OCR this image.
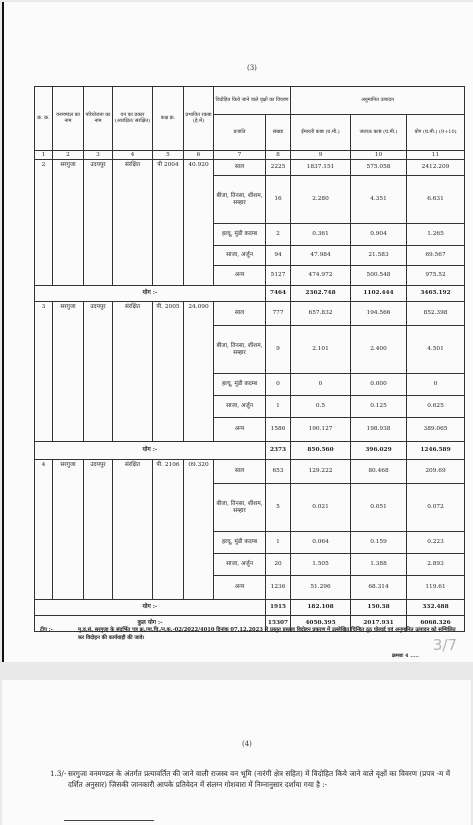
(3)
क्र. क्र.	वनमण्डल का नाम	परियोजना का नाम	वन का प्रकार (आरक्षित/ संरक्षित)	कक्ष क्र.	प्रभावित रकबा (हे.में)	विदोहित किये जाने वाले वृक्षों का विवरण		अनुमानित उत्पादन		
						प्रजाति	संख्या	ईमारती काष्ठ (घ.मी.)	जलाऊ काष्ठ (घ.मी.)	योग (घ.मी.) (9+10)
1	2	3	4	5	6	7	8	9	10	11
2	सरगुजा	उदयपुर	संरक्षित	पी 2004	40.920	साल	2225	1837.151	575.058	2412.209
						बीजा, तिनसा, शीशम, सम्हार	16	2.280	4.351	6.631
						हल्दू, मुंडी कदम्ब	2	0.361	0.904	1.265
						साजा, अर्जुन	94	47.984	21.583	69.567
						अन्य	5127	474.972	500.548	975.52
योग :-							7464	2362.748	1102.444	3465.192
3	सरगुजा	उदयपुर	संरक्षित	पी. 2005	24.090	साल	777	657.832	194.566	852.398
						बीजा, तिनसा, शीशम, सम्हार	9	2.101	2.400	4.501
						हल्दू, मुंडी कदम्ब	0	0	0.000	0
						साजा, अर्जुन	1	0.5	0.125	0.625
						अन्य	1586	190.127	198.938	389.065
योग :-							2373	850.560	396.029	1246.589
4	सरगुजा	उदयपुर	संरक्षित	पी. 2106	09.320	साल	653	129.222	80.468	209.69
						बीजा, तिनसा, शीशम, सम्हार	5	0.021	0.051	0.072
						हल्दू, मुंडी कदम्ब	1	0.064	0.159	0.223
						साजा, अर्जुन	20	1.505	1.388	2.893
						अन्य	1236	51.296	68.314	119.61
योग :-							1915	182.108	150.38	332.488
कुल योग :-							15307	4050.395	2017.931	6068.326
टीप :-	मु.व.सं. सरगुजा के संदर्भित पत्र क्र./मा.चि./न.क.-02/2022/4010 दिनांक 07.12.2023 से प्रस्तुत प्रस्ताव विदोहन प्रकरण में उल्लेखित चिन्हित ठूठ घोलाई एवं अनुमानित उत्पादन को सम्मिलित कर विदोहन की कार्यवाही की जावे।
क्रमशः 4 .....
3/7
(4)
1.3/- सरगुजा वनमण्डल के अंतर्गत प्रत्यावर्तित की जाने वाली राजस्व वन भूमि (नारंगी क्षेत्र सहित) में विदोहित किये जाने वाले वृक्षों का विवरण (प्रपत्र -म में दर्शित अनुसार) जिसकी जानकारी आपके प्रतिवेदन में संलग्न गोशवारा में निम्नानुसार दर्शाया गया है :-
